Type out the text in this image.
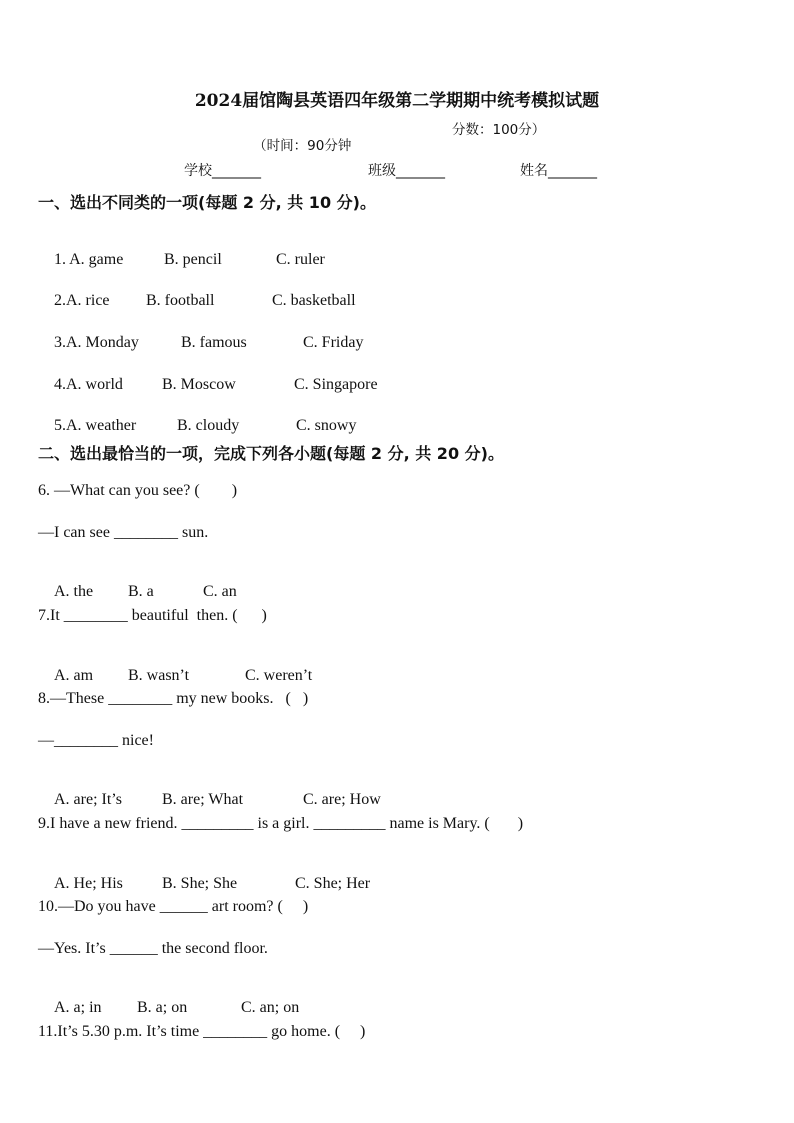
2024届馆陶县英语四年级第二学期期中统考模拟试题

（时间：90分钟

分数：100分）

学校_______	班级_______	姓名_______
一、选出不同类的一项(每题 2 分, 共 10 分)。

1. A. game	B. pencil	C. ruler

2.A. rice B. football	C. basketball

3.A. Monday	B. famous	C. Friday

4.A. world B. Moscow	C. Singapore

5.A. weather	B. cloudy	C. snowy

二、选出最恰当的一项，完成下列各小题(每题 2 分, 共 20 分)。
6. —What can you see? (        )
—I can see ________ sun.

A. the B. a	C. an

7.It ________ beautiful  then. (      )

A. am B. wasn’t	C. weren’t

8.—These ________ my new books.   (   )
—________ nice!

A. are; It’s	B. are; What	C. are; How

9.I have a new friend. _________ is a girl. _________ name is Mary. (       )

A. He; His B. She; She	C. She; Her

10.—Do you have ______ art room? (     )
—Yes. It’s ______ the second floor.

A. a; in B. a; on	C. an; on

11.It’s 5.30 p.m. It’s time ________ go home. (     )
